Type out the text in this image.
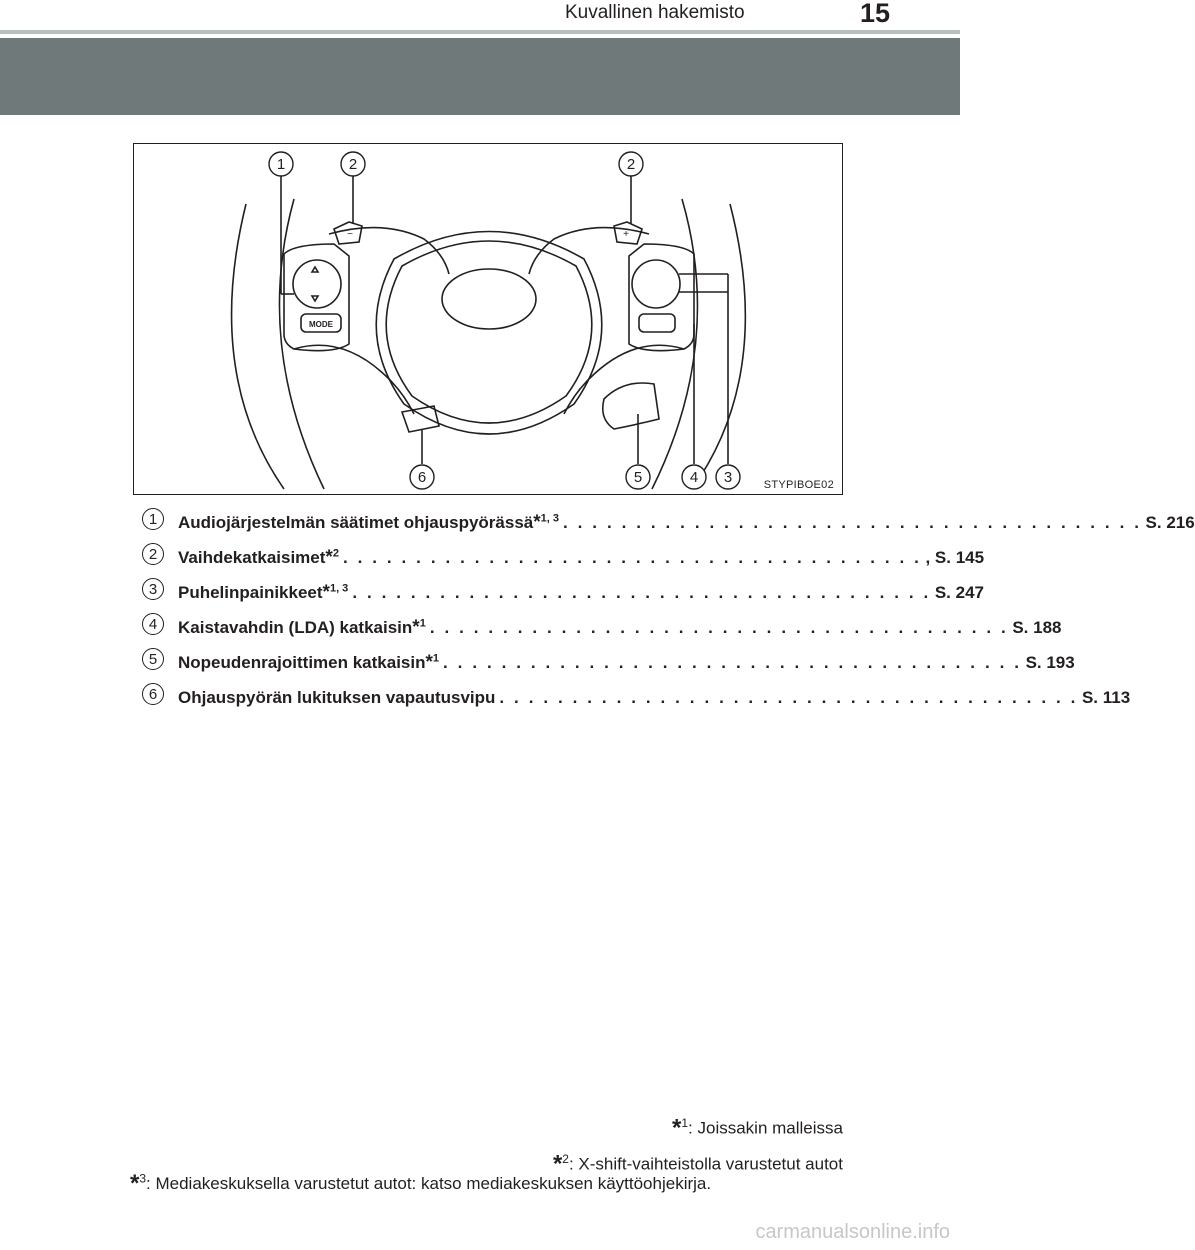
Kuvallinen hakemisto	15
1	2	2
3
4
5
6
MODE
−	+
STYPIBOE02
1	Audiojärjestelmän säätimet ohjauspyörässä*$^{1, 3}$ . . . . . . . . . . . . . . . . . . . . . . . . . . . . . . . . . . . . . . . . S. 216
2	Vaihdekatkaisimet*$^2$ . . . . . . . . . . . . . . . . . . . . . . . . . . . . . . . . . . . . . . . . , S. 145
3	Puhelinpainikkeet*$^{1, 3}$ . . . . . . . . . . . . . . . . . . . . . . . . . . . . . . . . . . . . . . . . S. 247
4	Kaistavahdin (LDA) katkaisin*$^1$ . . . . . . . . . . . . . . . . . . . . . . . . . . . . . . . . . . . . . . . . S. 188
5	Nopeudenrajoittimen katkaisin*$^1$ . . . . . . . . . . . . . . . . . . . . . . . . . . . . . . . . . . . . . . . . S. 193
6	Ohjauspyörän lukituksen vapautusvipu . . . . . . . . . . . . . . . . . . . . . . . . . . . . . . . . . . . . . . . . S. 113
*$^1$: Joissakin malleissa
*$^2$: X-shift-vaihteistolla varustetut autot
*$^3$: Mediakeskuksella varustetut autot: katso mediakeskuksen käyttöohjekirja.
carmanualsonline.info
